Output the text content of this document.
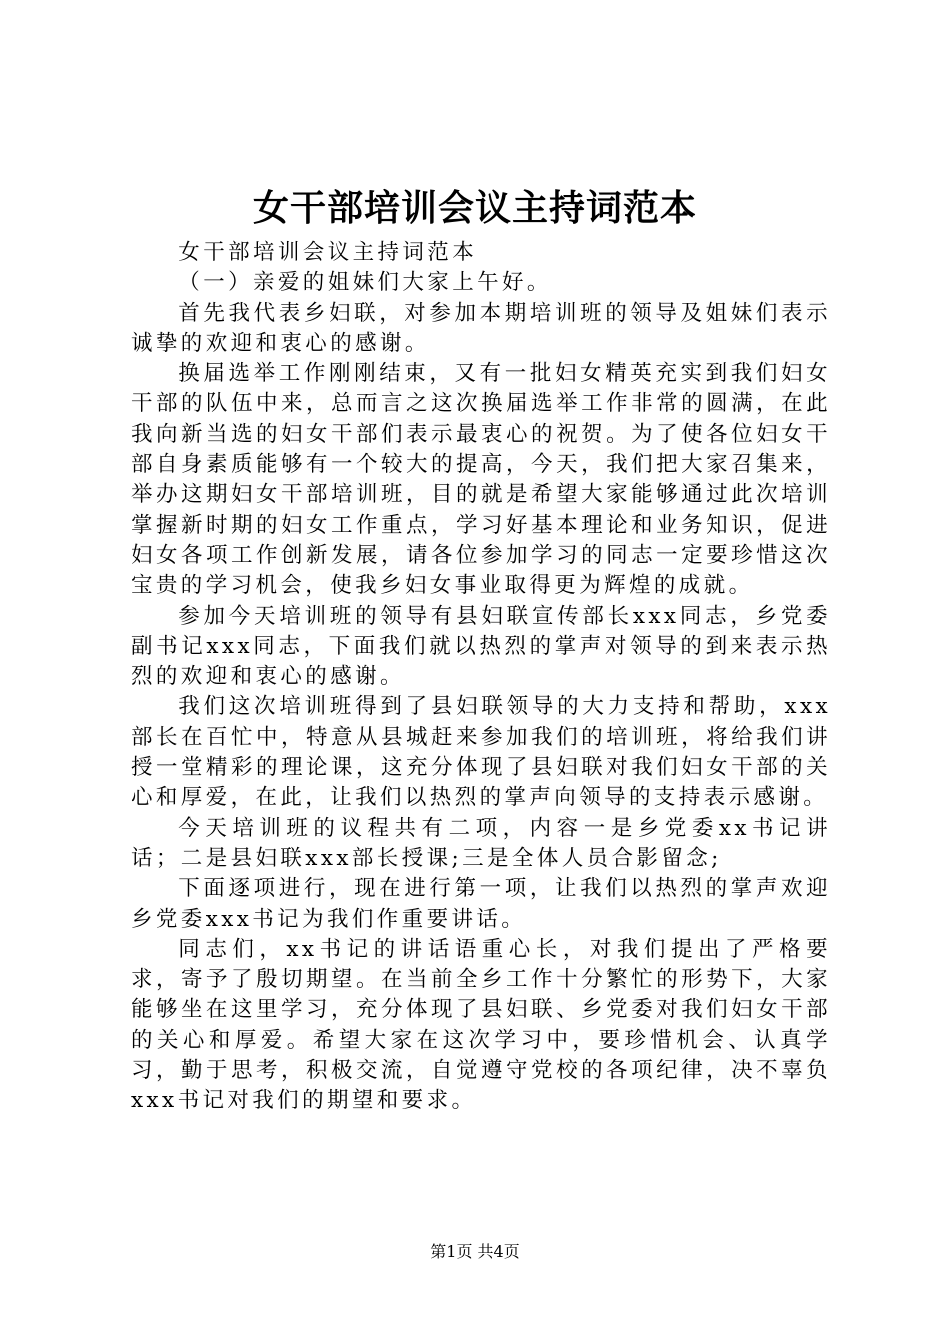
女干部培训会议主持词范本

女干部培训会议主持词范本

（一）亲爱的姐妹们大家上午好。

首先我代表乡妇联，对参加本期培训班的领导及姐妹们表示诚挚的欢迎和衷心的感谢。

换届选举工作刚刚结束，又有一批妇女精英充实到我们妇女干部的队伍中来，总而言之这次换届选举工作非常的圆满，在此我向新当选的妇女干部们表示最衷心的祝贺。为了使各位妇女干部自身素质能够有一个较大的提高，今天，我们把大家召集来，举办这期妇女干部培训班，目的就是希望大家能够通过此次培训掌握新时期的妇女工作重点，学习好基本理论和业务知识，促进妇女各项工作创新发展，请各位参加学习的同志一定要珍惜这次宝贵的学习机会，使我乡妇女事业取得更为辉煌的成就。

参加今天培训班的领导有县妇联宣传部长xxx同志，乡党委副书记xxx同志，下面我们就以热烈的掌声对领导的到来表示热烈的欢迎和衷心的感谢。

我们这次培训班得到了县妇联领导的大力支持和帮助，xxx部长在百忙中，特意从县城赶来参加我们的培训班，将给我们讲授一堂精彩的理论课，这充分体现了县妇联对我们妇女干部的关心和厚爱，在此，让我们以热烈的掌声向领导的支持表示感谢。

今天培训班的议程共有二项，内容一是乡党委xx书记讲话；二是县妇联xxx部长授课;三是全体人员合影留念;

下面逐项进行，现在进行第一项，让我们以热烈的掌声欢迎乡党委xxx书记为我们作重要讲话。

同志们，xx书记的讲话语重心长，对我们提出了严格要求，寄予了殷切期望。在当前全乡工作十分繁忙的形势下，大家能够坐在这里学习，充分体现了县妇联、乡党委对我们妇女干部的关心和厚爱。希望大家在这次学习中，要珍惜机会、认真学习，勤于思考，积极交流，自觉遵守党校的各项纪律，决不辜负xxx书记对我们的期望和要求。

第1页 共4页
